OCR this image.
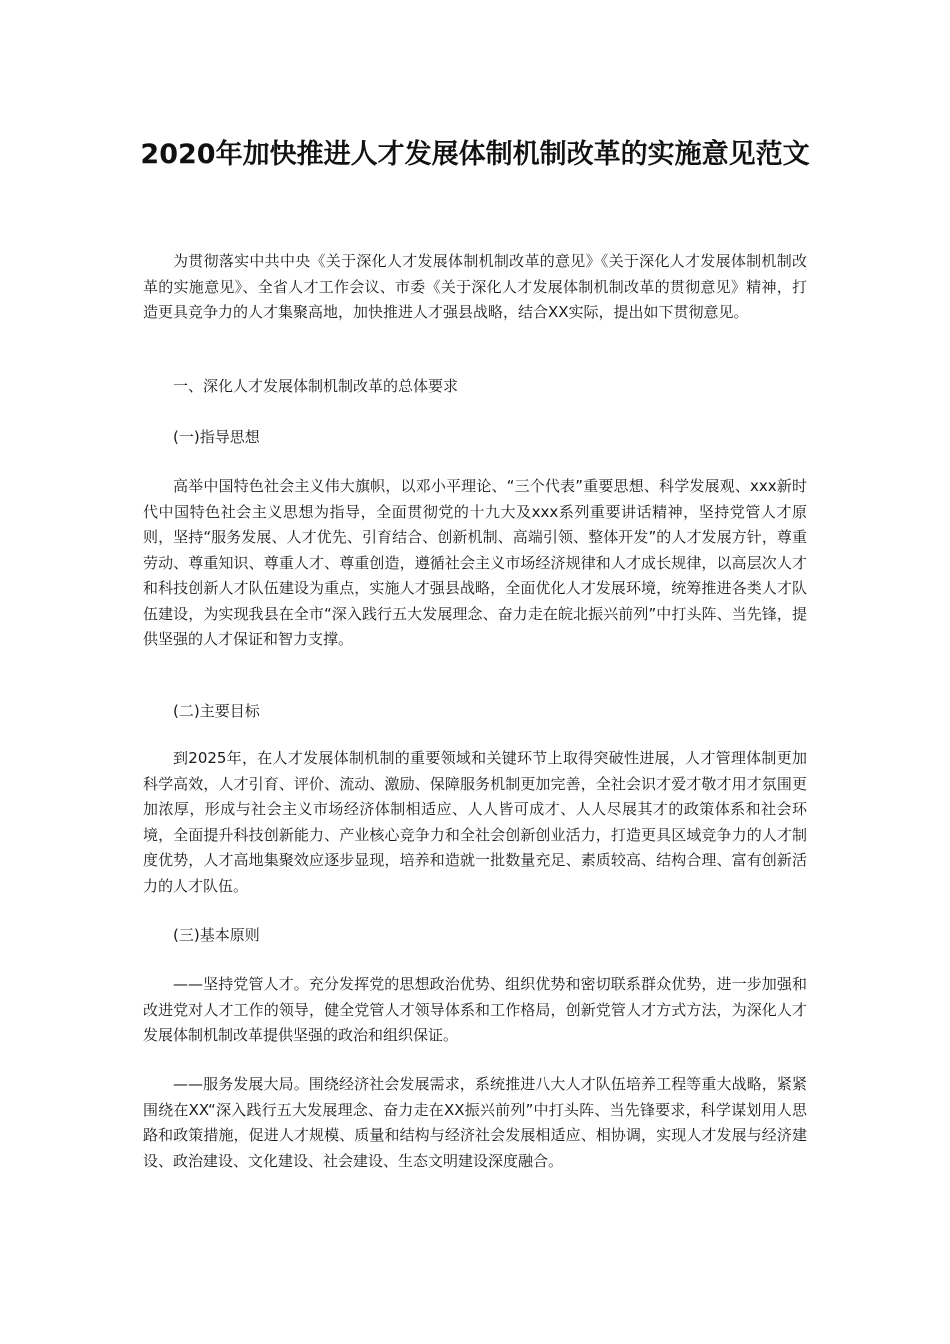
2020年加快推进人才发展体制机制改革的实施意见范文

为贯彻落实中共中央《关于深化人才发展体制机制改革的意见》《关于深化人才发展体制机制改革的实施意见》、全省人才工作会议、市委《关于深化人才发展体制机制改革的贯彻意见》精神，打造更具竞争力的人才集聚高地，加快推进人才强县战略，结合XX实际，提出如下贯彻意见。

一、深化人才发展体制机制改革的总体要求

(一)指导思想

高举中国特色社会主义伟大旗帜，以邓小平理论、“三个代表”重要思想、科学发展观、xxx新时代中国特色社会主义思想为指导，全面贯彻党的十九大及xxx系列重要讲话精神，坚持党管人才原则，坚持“服务发展、人才优先、引育结合、创新机制、高端引领、整体开发”的人才发展方针，尊重劳动、尊重知识、尊重人才、尊重创造，遵循社会主义市场经济规律和人才成长规律，以高层次人才和科技创新人才队伍建设为重点，实施人才强县战略，全面优化人才发展环境，统筹推进各类人才队伍建设，为实现我县在全市“深入践行五大发展理念、奋力走在皖北振兴前列”中打头阵、当先锋，提供坚强的人才保证和智力支撑。

(二)主要目标

到2025年，在人才发展体制机制的重要领域和关键环节上取得突破性进展，人才管理体制更加科学高效，人才引育、评价、流动、激励、保障服务机制更加完善，全社会识才爱才敬才用才氛围更加浓厚，形成与社会主义市场经济体制相适应、人人皆可成才、人人尽展其才的政策体系和社会环境，全面提升科技创新能力、产业核心竞争力和全社会创新创业活力，打造更具区域竞争力的人才制度优势，人才高地集聚效应逐步显现，培养和造就一批数量充足、素质较高、结构合理、富有创新活力的人才队伍。

(三)基本原则

——坚持党管人才。充分发挥党的思想政治优势、组织优势和密切联系群众优势，进一步加强和改进党对人才工作的领导，健全党管人才领导体系和工作格局，创新党管人才方式方法，为深化人才发展体制机制改革提供坚强的政治和组织保证。

——服务发展大局。围绕经济社会发展需求，系统推进八大人才队伍培养工程等重大战略，紧紧围绕在XX“深入践行五大发展理念、奋力走在XX振兴前列”中打头阵、当先锋要求，科学谋划用人思路和政策措施，促进人才规模、质量和结构与经济社会发展相适应、相协调，实现人才发展与经济建设、政治建设、文化建设、社会建设、生态文明建设深度融合。
